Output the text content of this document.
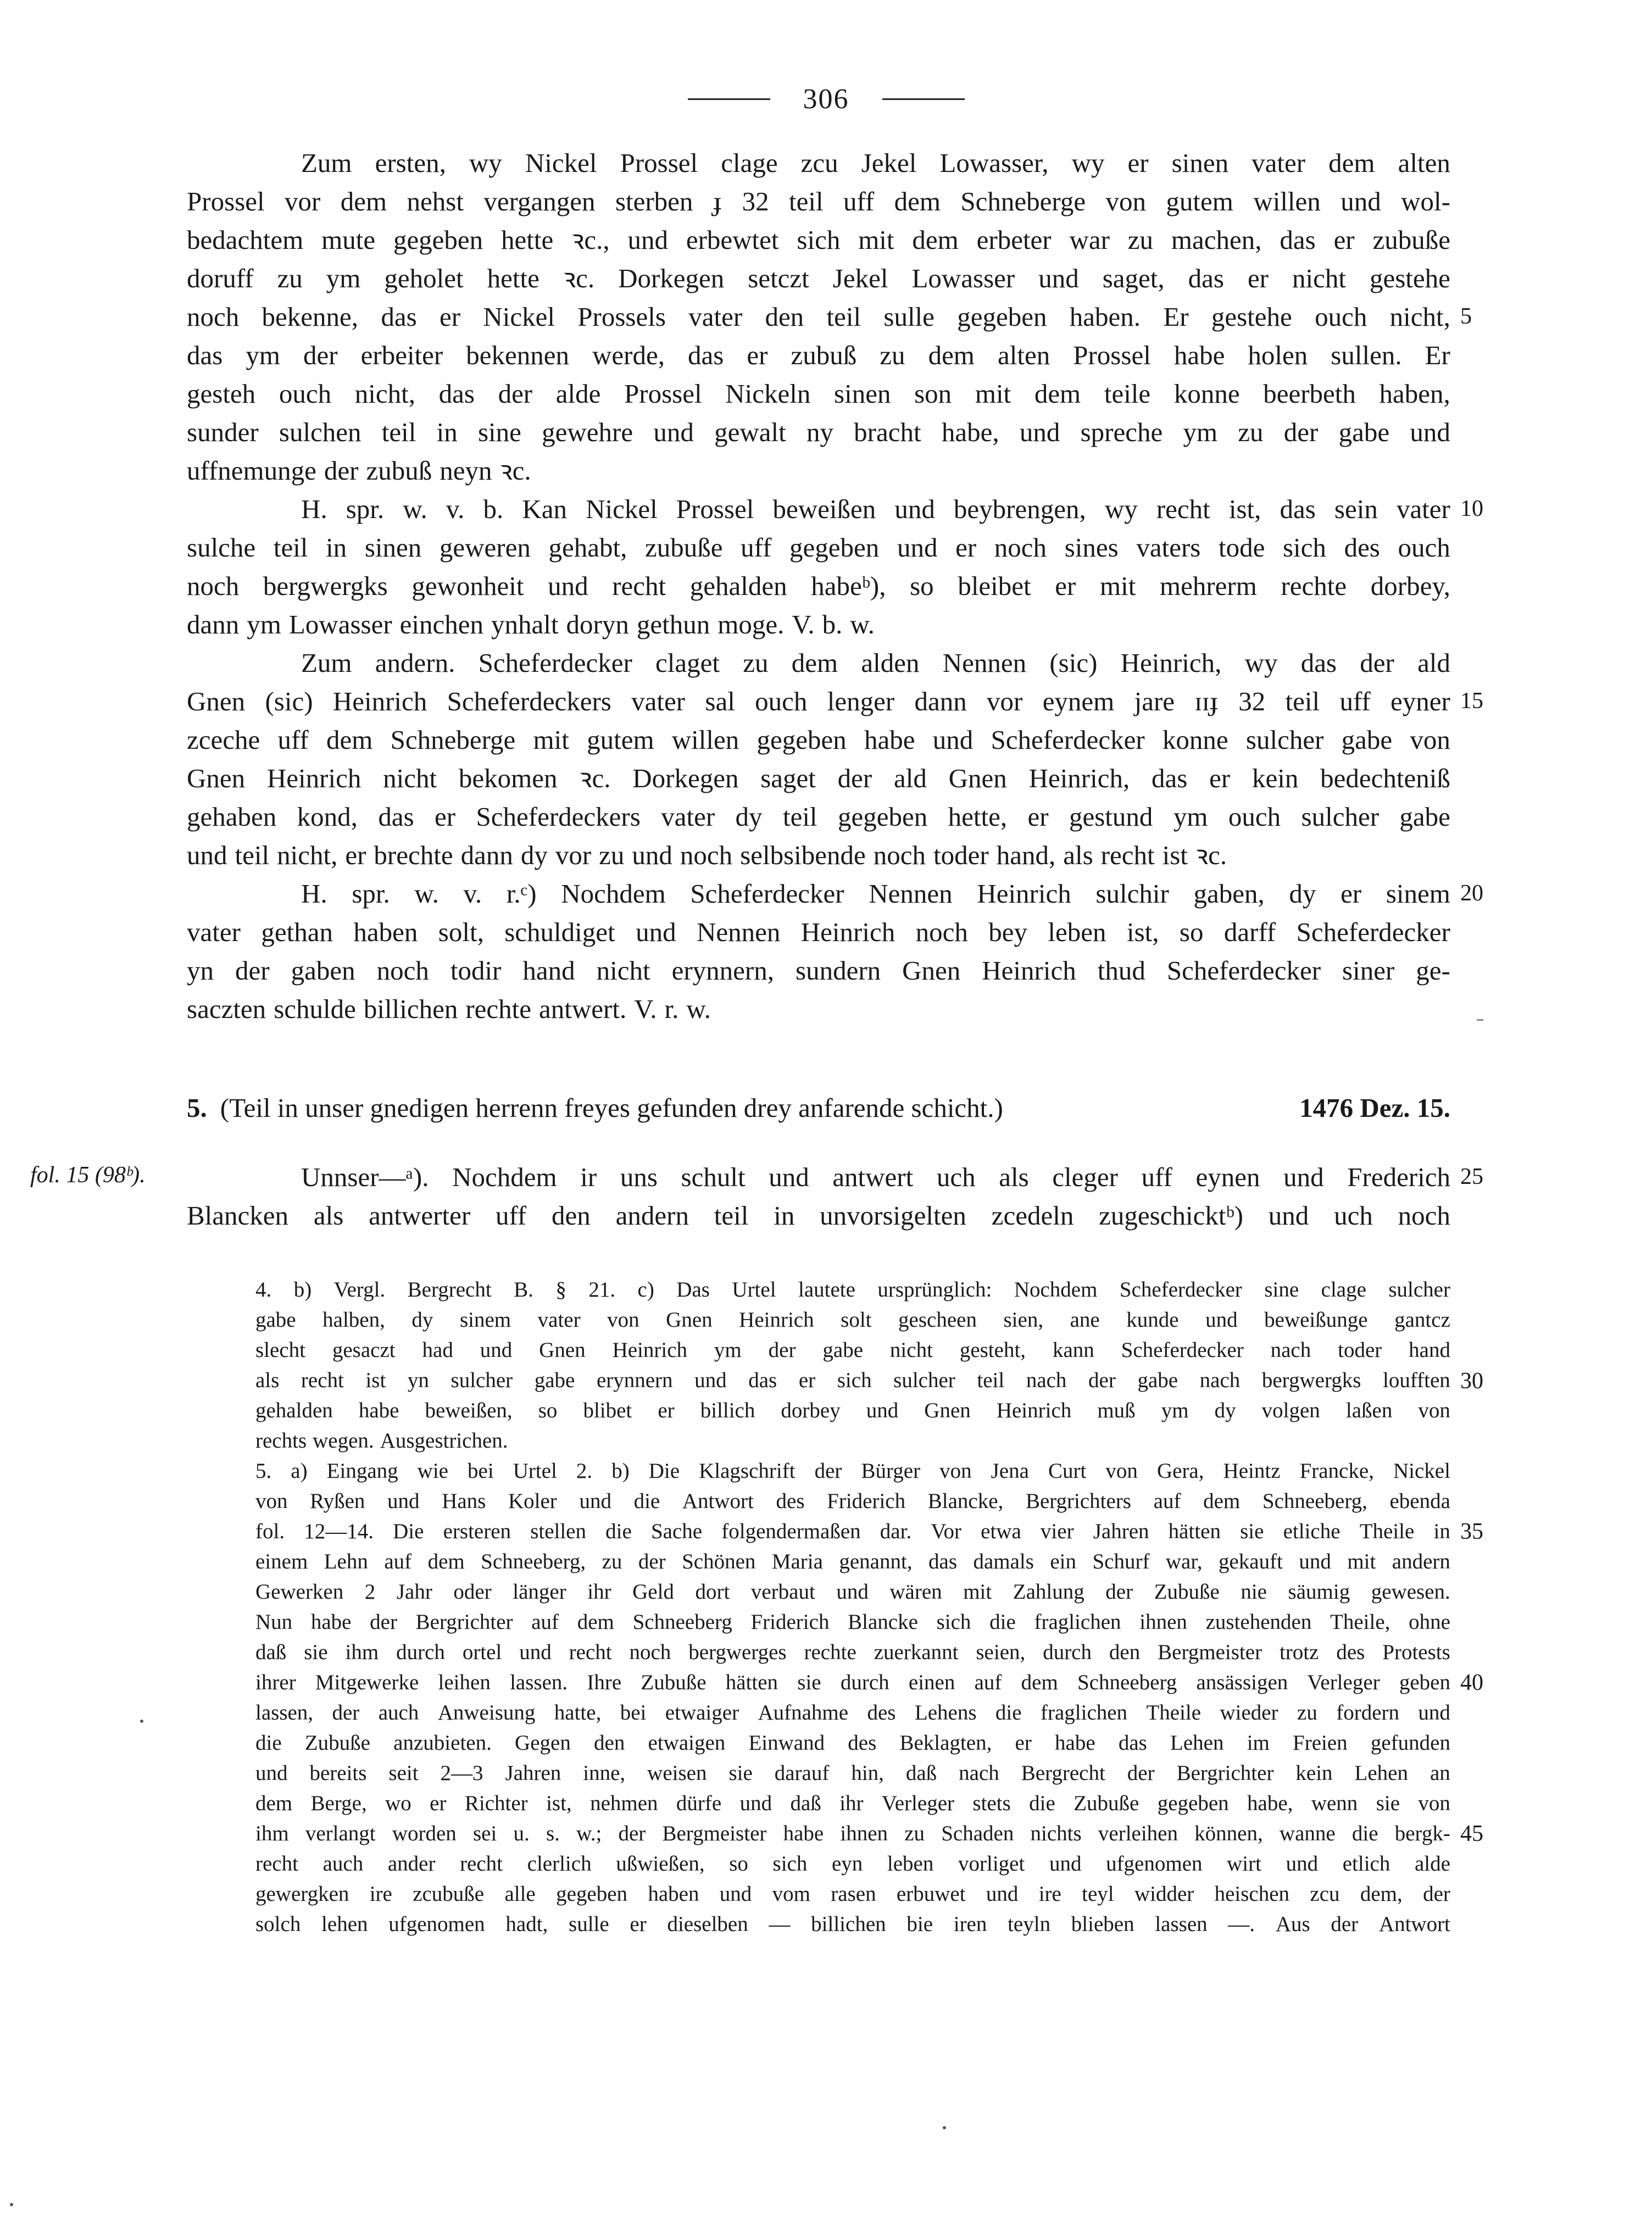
306
Zum ersten, wy Nickel Prossel clage zcu Jekel Lowasser, wy er sinen vater dem alten
Prossel vor dem nehst vergangen sterben ɟ 32 teil uff dem Schneberge von gutem willen und wol-
bedachtem mute gegeben hette ꝛc., und erbewtet sich mit dem erbeter war zu machen, das er zubuße
doruff zu ym geholet hette ꝛc. Dorkegen setczt Jekel Lowasser und saget, das er nicht gestehe
noch bekenne, das er Nickel Prossels vater den teil sulle gegeben haben. Er gestehe ouch nicht,
das ym der erbeiter bekennen werde, das er zubuß zu dem alten Prossel habe holen sullen. Er
gesteh ouch nicht, das der alde Prossel Nickeln sinen son mit dem teile konne beerbeth haben,
sunder sulchen teil in sine gewehre und gewalt ny bracht habe, und spreche ym zu der gabe und
uffnemunge der zubuß neyn ꝛc.
H. spr. w. v. b. Kan Nickel Prossel beweißen und beybrengen, wy recht ist, das sein vater
sulche teil in sinen geweren gehabt, zubuße uff gegeben und er noch sines vaters tode sich des ouch
noch bergwergks gewonheit und recht gehalden habeᵇ), so bleibet er mit mehrerm rechte dorbey,
dann ym Lowasser einchen ynhalt doryn gethun moge. V. b. w.
Zum andern. Scheferdecker claget zu dem alden Nennen (sic) Heinrich, wy das der ald
Gnen (sic) Heinrich Scheferdeckers vater sal ouch lenger dann vor eynem jare ɪɪɟ 32 teil uff eyner
zceche uff dem Schneberge mit gutem willen gegeben habe und Scheferdecker konne sulcher gabe von
Gnen Heinrich nicht bekomen ꝛc. Dorkegen saget der ald Gnen Heinrich, das er kein bedechteniß
gehaben kond, das er Scheferdeckers vater dy teil gegeben hette, er gestund ym ouch sulcher gabe
und teil nicht, er brechte dann dy vor zu und noch selbsibende noch toder hand, als recht ist ꝛc.
H. spr. w. v. r.ᶜ) Nochdem Scheferdecker Nennen Heinrich sulchir gaben, dy er sinem
vater gethan haben solt, schuldiget und Nennen Heinrich noch bey leben ist, so darff Scheferdecker
yn der gaben noch todir hand nicht erynnern, sundern Gnen Heinrich thud Scheferdecker siner ge-
saczten schulde billichen rechte antwert. V. r. w.
5. (Teil in unser gnedigen herrenn freyes gefunden drey anfarende schicht.)	1476 Dez. 15.
fol. 15 (98ᵇ).	Unnser—ᵃ). Nochdem ir uns schult und antwert uch als cleger uff eynen und Frederich
Blancken als antwerter uff den andern teil in unvorsigelten zcedeln zugeschicktᵇ) und uch noch
4. b) Vergl. Bergrecht B. § 21. c) Das Urtel lautete ursprünglich: Nochdem Scheferdecker sine clage sulcher
gabe halben, dy sinem vater von Gnen Heinrich solt gescheen sien, ane kunde und beweißunge gantcz
slecht gesaczt had und Gnen Heinrich ym der gabe nicht gesteht, kann Scheferdecker nach toder hand
als recht ist yn sulcher gabe erynnern und das er sich sulcher teil nach der gabe nach bergwergks loufften
gehalden habe beweißen, so blibet er billich dorbey und Gnen Heinrich muß ym dy volgen laßen von
rechts wegen. Ausgestrichen.
5. a) Eingang wie bei Urtel 2. b) Die Klagschrift der Bürger von Jena Curt von Gera, Heintz Francke, Nickel
von Ryßen und Hans Koler und die Antwort des Friderich Blancke, Bergrichters auf dem Schneeberg, ebenda
fol. 12—14. Die ersteren stellen die Sache folgendermaßen dar. Vor etwa vier Jahren hätten sie etliche Theile in
einem Lehn auf dem Schneeberg, zu der Schönen Maria genannt, das damals ein Schurf war, gekauft und mit andern
Gewerken 2 Jahr oder länger ihr Geld dort verbaut und wären mit Zahlung der Zubuße nie säumig gewesen.
Nun habe der Bergrichter auf dem Schneeberg Friderich Blancke sich die fraglichen ihnen zustehenden Theile, ohne
daß sie ihm durch ortel und recht noch bergwerges rechte zuerkannt seien, durch den Bergmeister trotz des Protests
ihrer Mitgewerke leihen lassen. Ihre Zubuße hätten sie durch einen auf dem Schneeberg ansässigen Verleger geben
lassen, der auch Anweisung hatte, bei etwaiger Aufnahme des Lehens die fraglichen Theile wieder zu fordern und
die Zubuße anzubieten. Gegen den etwaigen Einwand des Beklagten, er habe das Lehen im Freien gefunden
und bereits seit 2—3 Jahren inne, weisen sie darauf hin, daß nach Bergrecht der Bergrichter kein Lehen an
dem Berge, wo er Richter ist, nehmen dürfe und daß ihr Verleger stets die Zubuße gegeben habe, wenn sie von
ihm verlangt worden sei u. s. w.; der Bergmeister habe ihnen zu Schaden nichts verleihen können, wanne die bergk-
recht auch ander recht clerlich ußwießen, so sich eyn leben vorliget und ufgenomen wirt und etlich alde
gewergken ire zcubuße alle gegeben haben und vom rasen erbuwet und ire teyl widder heischen zcu dem, der
solch lehen ufgenomen hadt, sulle er dieselben — billichen bie iren teyln blieben lassen —. Aus der Antwort
5
10
15
20
25
30
35
40
45
